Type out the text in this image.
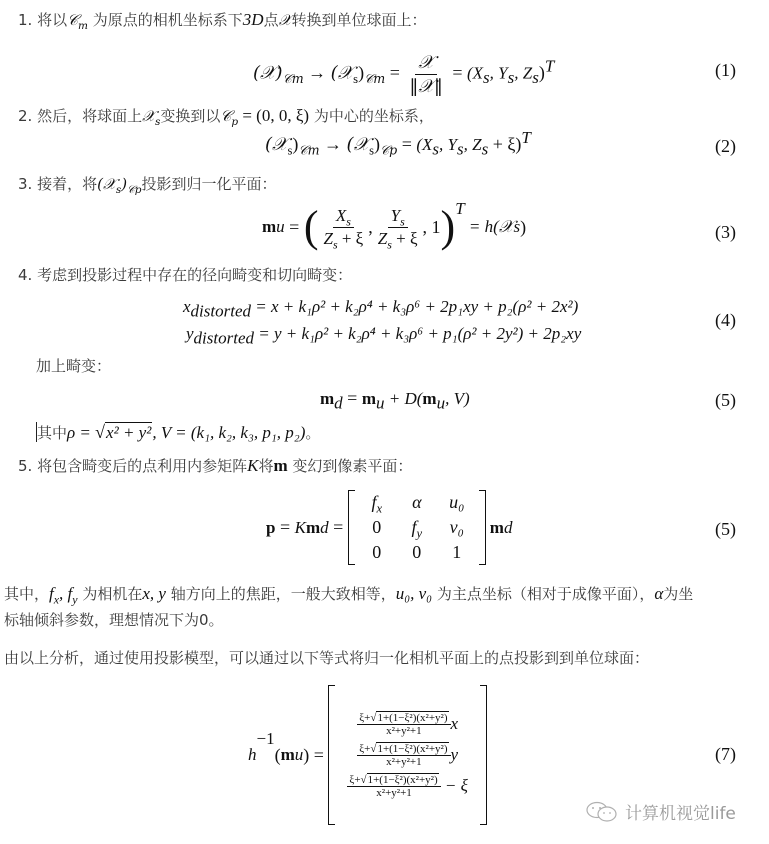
1. 将以𝒞$_m$ 为原点的相机坐标系下3D点𝒳转换到单位球面上：
$(𝒳)_{𝒞m}$ → $(𝒳_s)_{𝒞m} = \frac{\text{𝒳}}{\text{‖𝒳‖}} = (X_s$, $Y_s$, $Z_s)^T$	(1)
2. 然后，将球面上𝒳$_s$变换到以𝒞$_p$ = (0, 0, ξ) 为中心的坐标系，
$(𝒳_s)_{𝒞m}$ → $(𝒳_s)_{𝒞p} = (X_s$, $Y_s$, $Z_s + \xi)^T$	(2)
3. 接着，将$(𝒳_s)_{𝒞p}$投影到归一化平面：
m u = ( $\frac{X_s}{Z_s + \xi}$ , $\frac{Y_s}{Z_s + \xi}$ , 1 ) T
= h(𝒳 s )	(3)
4. 考虑到投影过程中存在的径向畸变和切向畸变：
$x_{distorted} = x + k_1\rho^2 + k_2\rho^4 + k_3\rho^6 + 2p_1xy + p_2(\rho^2 + 2x^2)$
$y_{distorted} = y + k_1\rho^2 + k_2\rho^4 + k_3\rho^6 + p_1(\rho^2 + 2y^2) + 2p_2xy$
(4)
加上畸变：
$m_d = m_u + D(m_u$, V)	(5)
其中ρ = √x² + y², V = (k₁, k₂, k₃, p₁, p₂)。
5. 将包含畸变后的点利用内参矩阵K将m 变幻到像素平面：
p = K m d =
$f_x$	α	u₀
0	$f_y$	v₀
0	0	1
m d	(5)
其中，$f_x$, $f_y$ 为相机在x, y 轴方向上的焦距，一般大致相等，u₀, v₀ 为主点坐标（相对于成像平面），α为坐
标轴倾斜参数，理想情况下为0。
由以上分析，通过使用投影模型，可以通过以下等式将归一化相机平面上的点投影到到单位球面：
h
−1
( m u ) =
$\frac{\text{ξ+√1+(1−ξ²)(x²+y²)}}{\text{x²+y²+1}}$ x
$\frac{\text{ξ+√1+(1−ξ²)(x²+y²)}}{\text{x²+y²+1}}$ y
$\frac{\text{ξ+√1+(1−ξ²)(x²+y²)}}{\text{x²+y²+1}} - \xi$
(7)
计算机视觉life
